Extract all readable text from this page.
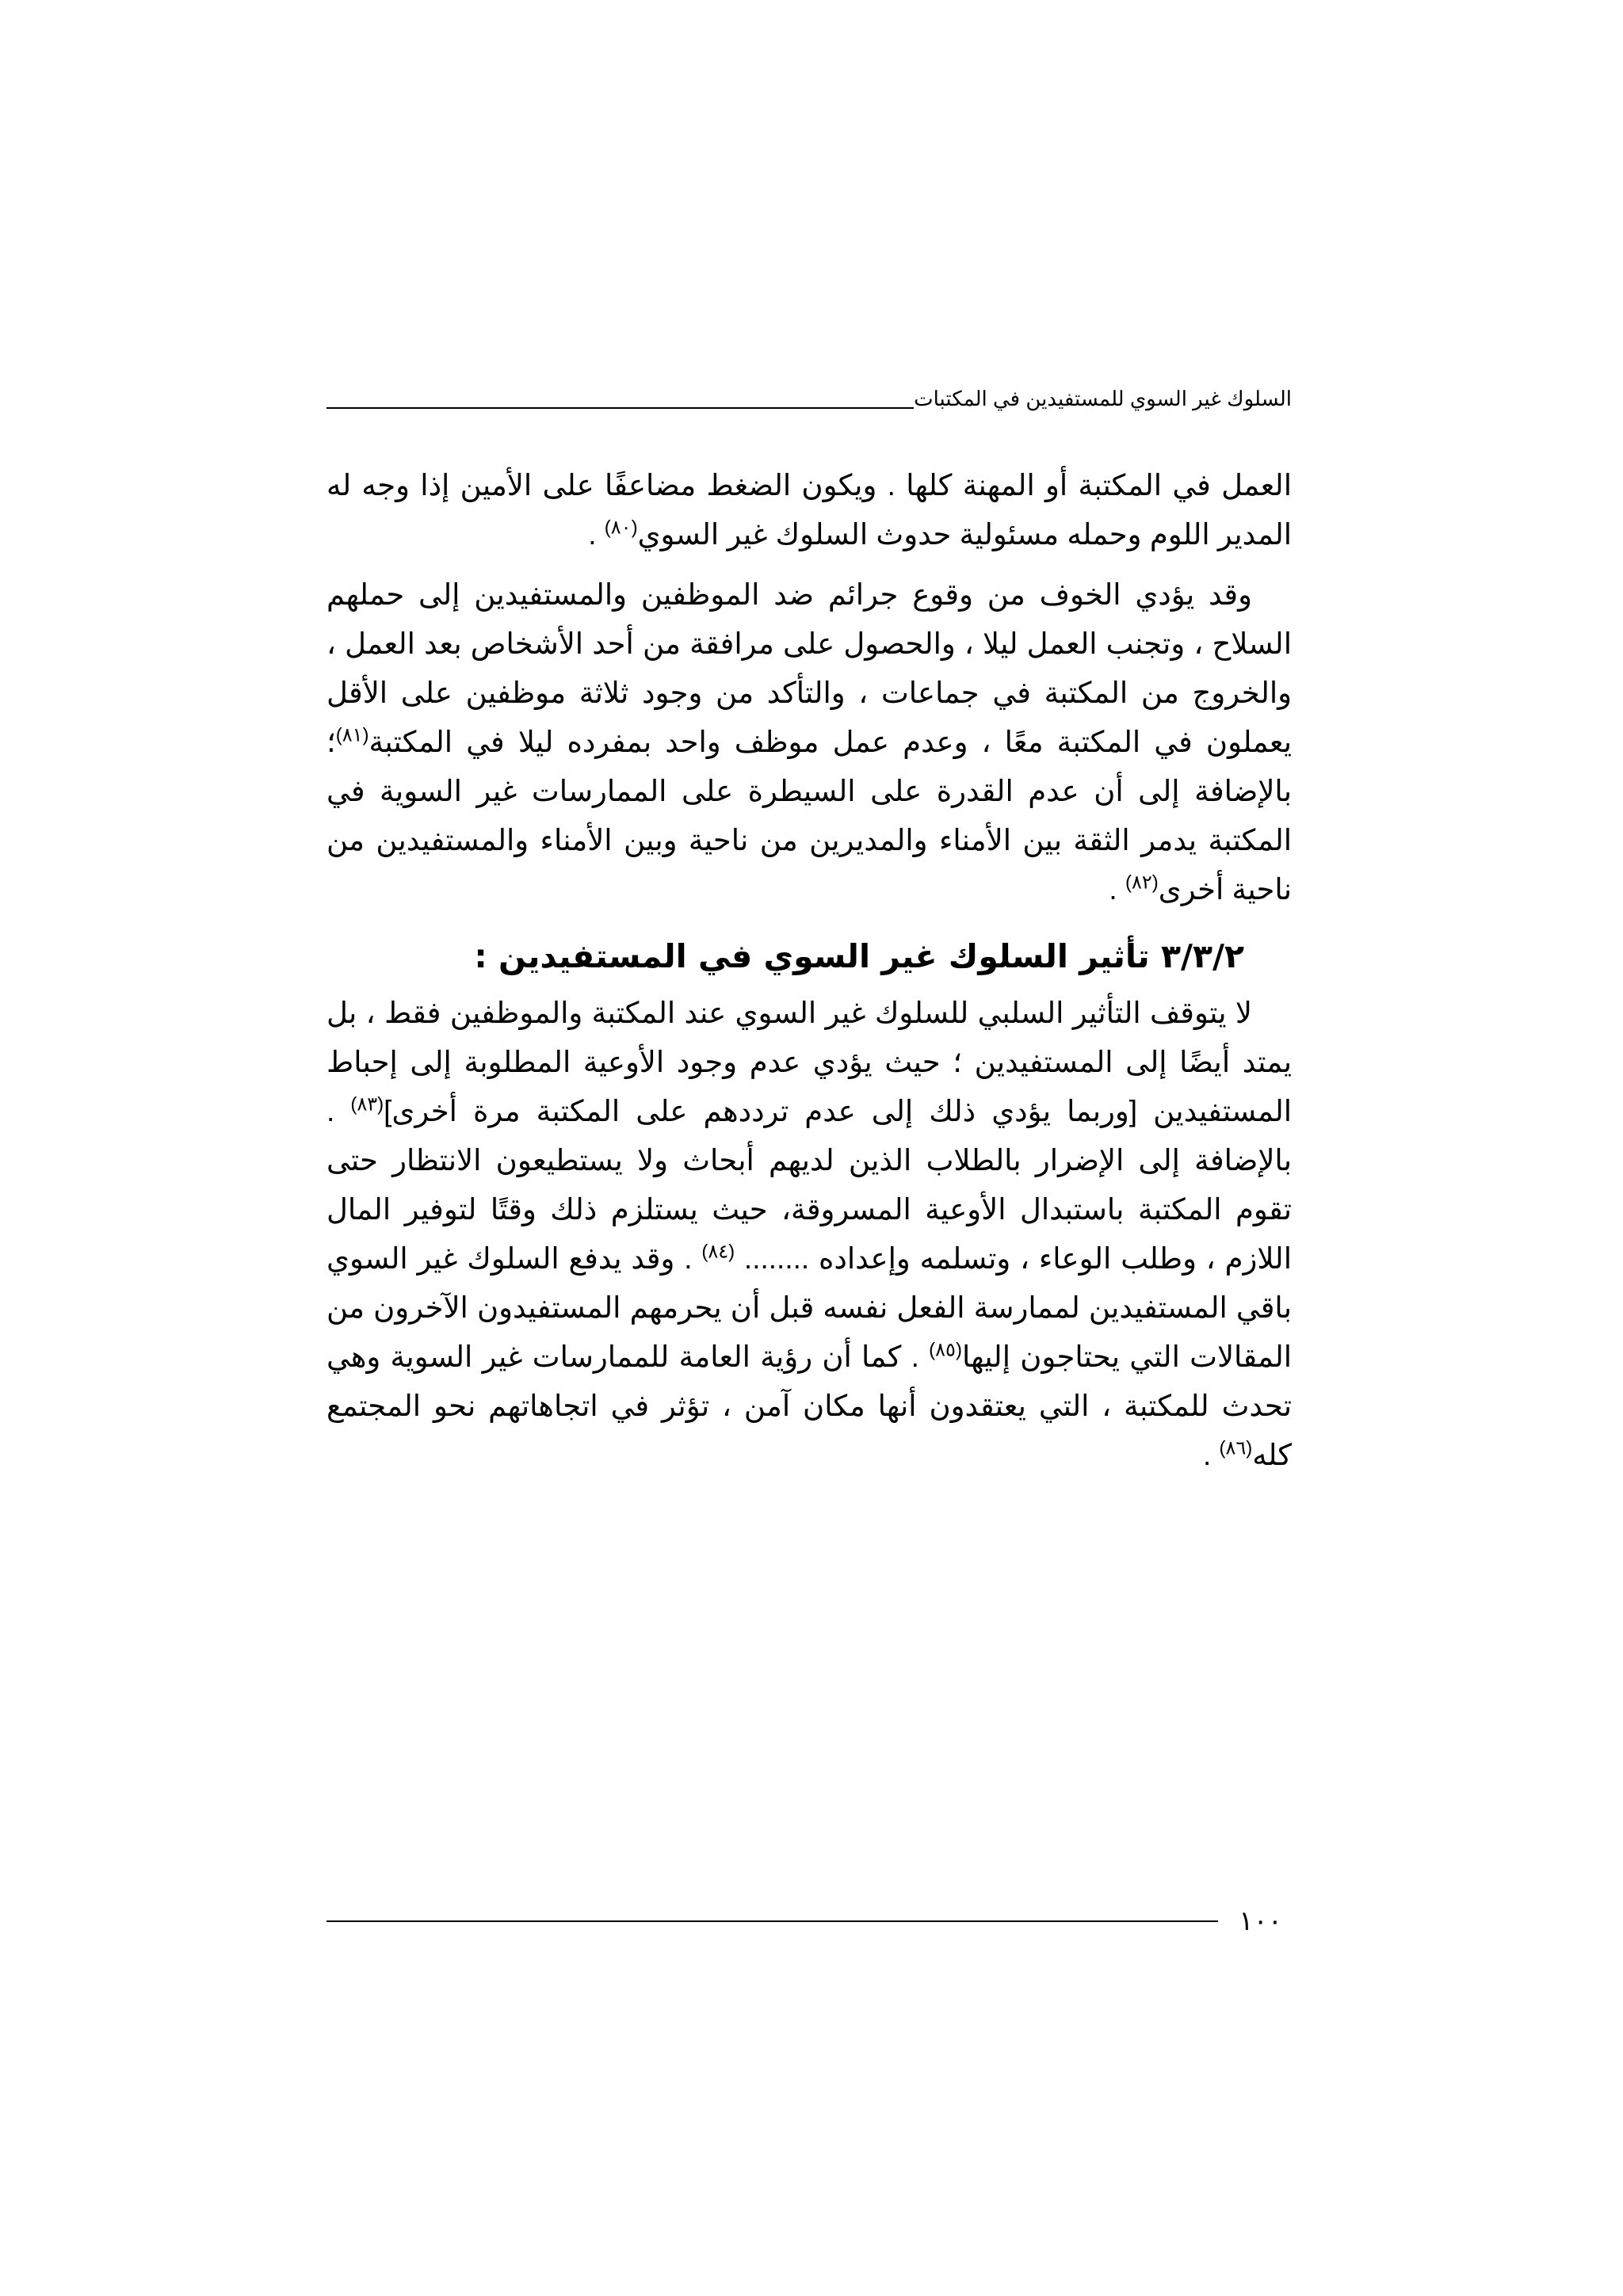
السلوك غير السوي للمستفيدين في المكتبات

العمل في المكتبة أو المهنة كلها . ويكون الضغط مضاعفًا على الأمين إذا وجه له المدير اللوم وحمله مسئولية حدوث السلوك غير السوي$^{(٨٠)}$ .

وقد يؤدي الخوف من وقوع جرائم ضد الموظفين والمستفيدين إلى حملهم السلاح ، وتجنب العمل ليلا ، والحصول على مرافقة من أحد الأشخاص بعد العمل ، والخروج من المكتبة في جماعات ، والتأكد من وجود ثلاثة موظفين على الأقل يعملون في المكتبة معًا ، وعدم عمل موظف واحد بمفرده ليلا في المكتبة$^{(٨١)}$؛ بالإضافة إلى أن عدم القدرة على السيطرة على الممارسات غير السوية في المكتبة يدمر الثقة بين الأمناء والمديرين من ناحية وبين الأمناء والمستفيدين من ناحية أخرى$^{(٨٢)}$ .

٣/٣/٢ تأثير السلوك غير السوي في المستفيدين :

لا يتوقف التأثير السلبي للسلوك غير السوي عند المكتبة والموظفين فقط ، بل يمتد أيضًا إلى المستفيدين ؛ حيث يؤدي عدم وجود الأوعية المطلوبة إلى إحباط المستفيدين [وربما يؤدي ذلك إلى عدم ترددهم على المكتبة مرة أخرى]$^{(٨٣)}$ . بالإضافة إلى الإضرار بالطلاب الذين لديهم أبحاث ولا يستطيعون الانتظار حتى تقوم المكتبة باستبدال الأوعية المسروقة، حيث يستلزم ذلك وقتًا لتوفير المال اللازم ، وطلب الوعاء ، وتسلمه وإعداده ........ $^{(٨٤)}$ . وقد يدفع السلوك غير السوي باقي المستفيدين لممارسة الفعل نفسه قبل أن يحرمهم المستفيدون الآخرون من المقالات التي يحتاجون إليها$^{(٨٥)}$ . كما أن رؤية العامة للممارسات غير السوية وهي تحدث للمكتبة ، التي يعتقدون أنها مكان آمن ، تؤثر في اتجاهاتهم نحو المجتمع كله$^{(٨٦)}$ .

١٠٠
